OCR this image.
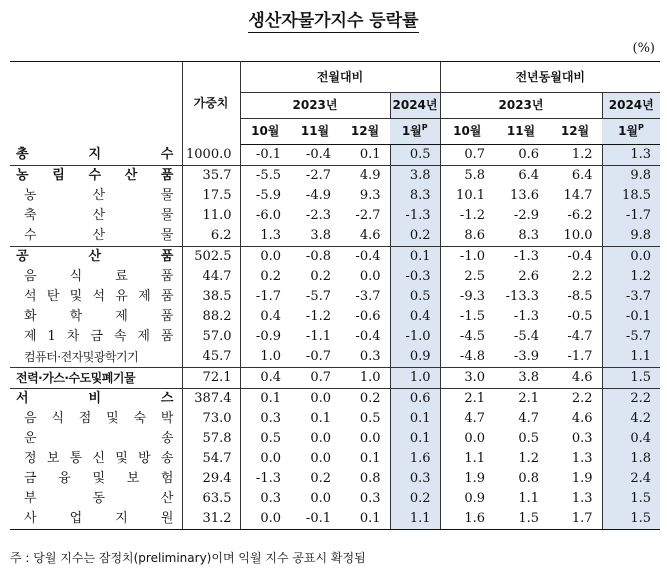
생산자물가지수 등락률
(%)
	가중치	전월대비				전년동월대비			
		2023년			2024년	2023년			2024년
		10월	11월	12월	1월$^P$	10월	11월	12월	1월$^P$
총 지 수	1000.0	-0.1	-0.4	0.1	0.5	0.7	0.6	1.2	1.3
농 림 수 산 품	35.7	-5.5	-2.7	4.9	3.8	5.8	6.4	6.4	9.8
농 산 물	17.5	-5.9	-4.9	9.3	8.3	10.1	13.6	14.7	18.5
축 산 물	11.0	-6.0	-2.3	-2.7	-1.3	-1.2	-2.9	-6.2	-1.7
수 산 물	6.2	1.3	3.8	4.6	0.2	8.6	8.3	10.0	9.8
공 산 품	502.5	0.0	-0.8	-0.4	0.1	-1.0	-1.3	-0.4	0.0
음 식 료 품	44.7	0.2	0.2	0.0	-0.3	2.5	2.6	2.2	1.2
석 탄 및 석 유 제 품	38.5	-1.7	-5.7	-3.7	0.5	-9.3	-13.3	-8.5	-3.7
화 학 제 품	88.2	0.4	-1.2	-0.6	0.4	-1.5	-1.3	-0.5	-0.1
제 1 차 금 속 제 품	57.0	-0.9	-1.1	-0.4	-1.0	-4.5	-5.4	-4.7	-5.7
컴퓨터·전자및광학기기	45.7	1.0	-0.7	0.3	0.9	-4.8	-3.9	-1.7	1.1
전력·가스·수도및폐기물	72.1	0.4	0.7	1.0	1.0	3.0	3.8	4.6	1.5
서 비 스	387.4	0.1	0.0	0.2	0.6	2.1	2.1	2.2	2.2
음 식 점 및 숙 박	73.0	0.3	0.1	0.5	0.1	4.7	4.7	4.6	4.2
운 송	57.8	0.5	0.0	0.0	0.1	0.0	0.5	0.3	0.4
정 보 통 신 및 방 송	54.7	0.0	0.0	0.1	1.6	1.1	1.2	1.3	1.8
금 융 및 보 험	29.4	-1.3	0.2	0.8	0.3	1.9	0.8	1.9	2.4
부 동 산	63.5	0.3	0.0	0.3	0.2	0.9	1.1	1.3	1.5
사 업 지 원	31.2	0.0	-0.1	0.1	1.1	1.6	1.5	1.7	1.5
주 : 당월 지수는 잠정치(preliminary)이며 익월 지수 공표시 확정됨
